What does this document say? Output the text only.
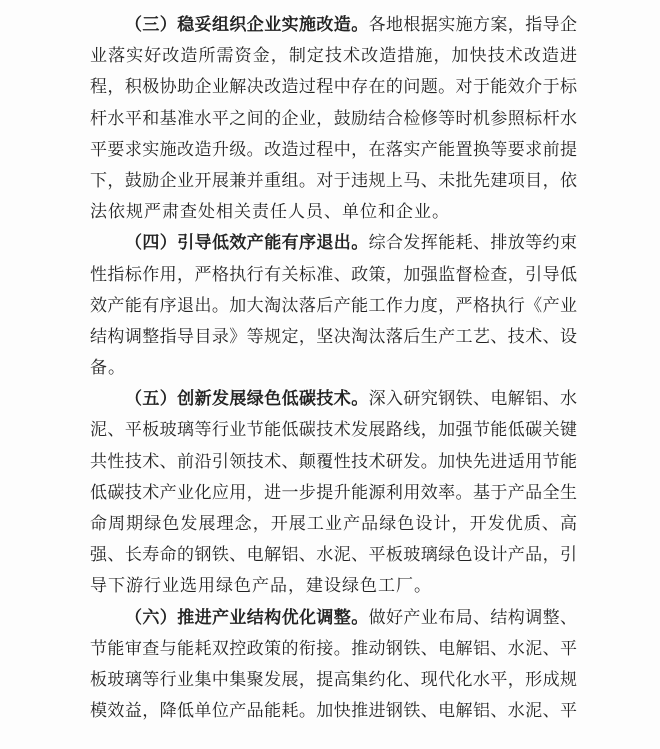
（三）稳妥组织企业实施改造。各地根据实施方案，指导企
业落实好改造所需资金，制定技术改造措施，加快技术改造进
程，积极协助企业解决改造过程中存在的问题。对于能效介于标
杆水平和基准水平之间的企业，鼓励结合检修等时机参照标杆水
平要求实施改造升级。改造过程中，在落实产能置换等要求前提
下，鼓励企业开展兼并重组。对于违规上马、未批先建项目，依
法依规严肃查处相关责任人员、单位和企业。
（四）引导低效产能有序退出。综合发挥能耗、排放等约束
性指标作用，严格执行有关标准、政策，加强监督检查，引导低
效产能有序退出。加大淘汰落后产能工作力度，严格执行《产业
结构调整指导目录》等规定，坚决淘汰落后生产工艺、技术、设
备。
（五）创新发展绿色低碳技术。深入研究钢铁、电解铝、水
泥、平板玻璃等行业节能低碳技术发展路线，加强节能低碳关键
共性技术、前沿引领技术、颠覆性技术研发。加快先进适用节能
低碳技术产业化应用，进一步提升能源利用效率。基于产品全生
命周期绿色发展理念，开展工业产品绿色设计，开发优质、高
强、长寿命的钢铁、电解铝、水泥、平板玻璃绿色设计产品，引
导下游行业选用绿色产品，建设绿色工厂。
（六）推进产业结构优化调整。做好产业布局、结构调整、
节能审查与能耗双控政策的衔接。推动钢铁、电解铝、水泥、平
板玻璃等行业集中集聚发展，提高集约化、现代化水平，形成规
模效益，降低单位产品能耗。加快推进钢铁、电解铝、水泥、平
